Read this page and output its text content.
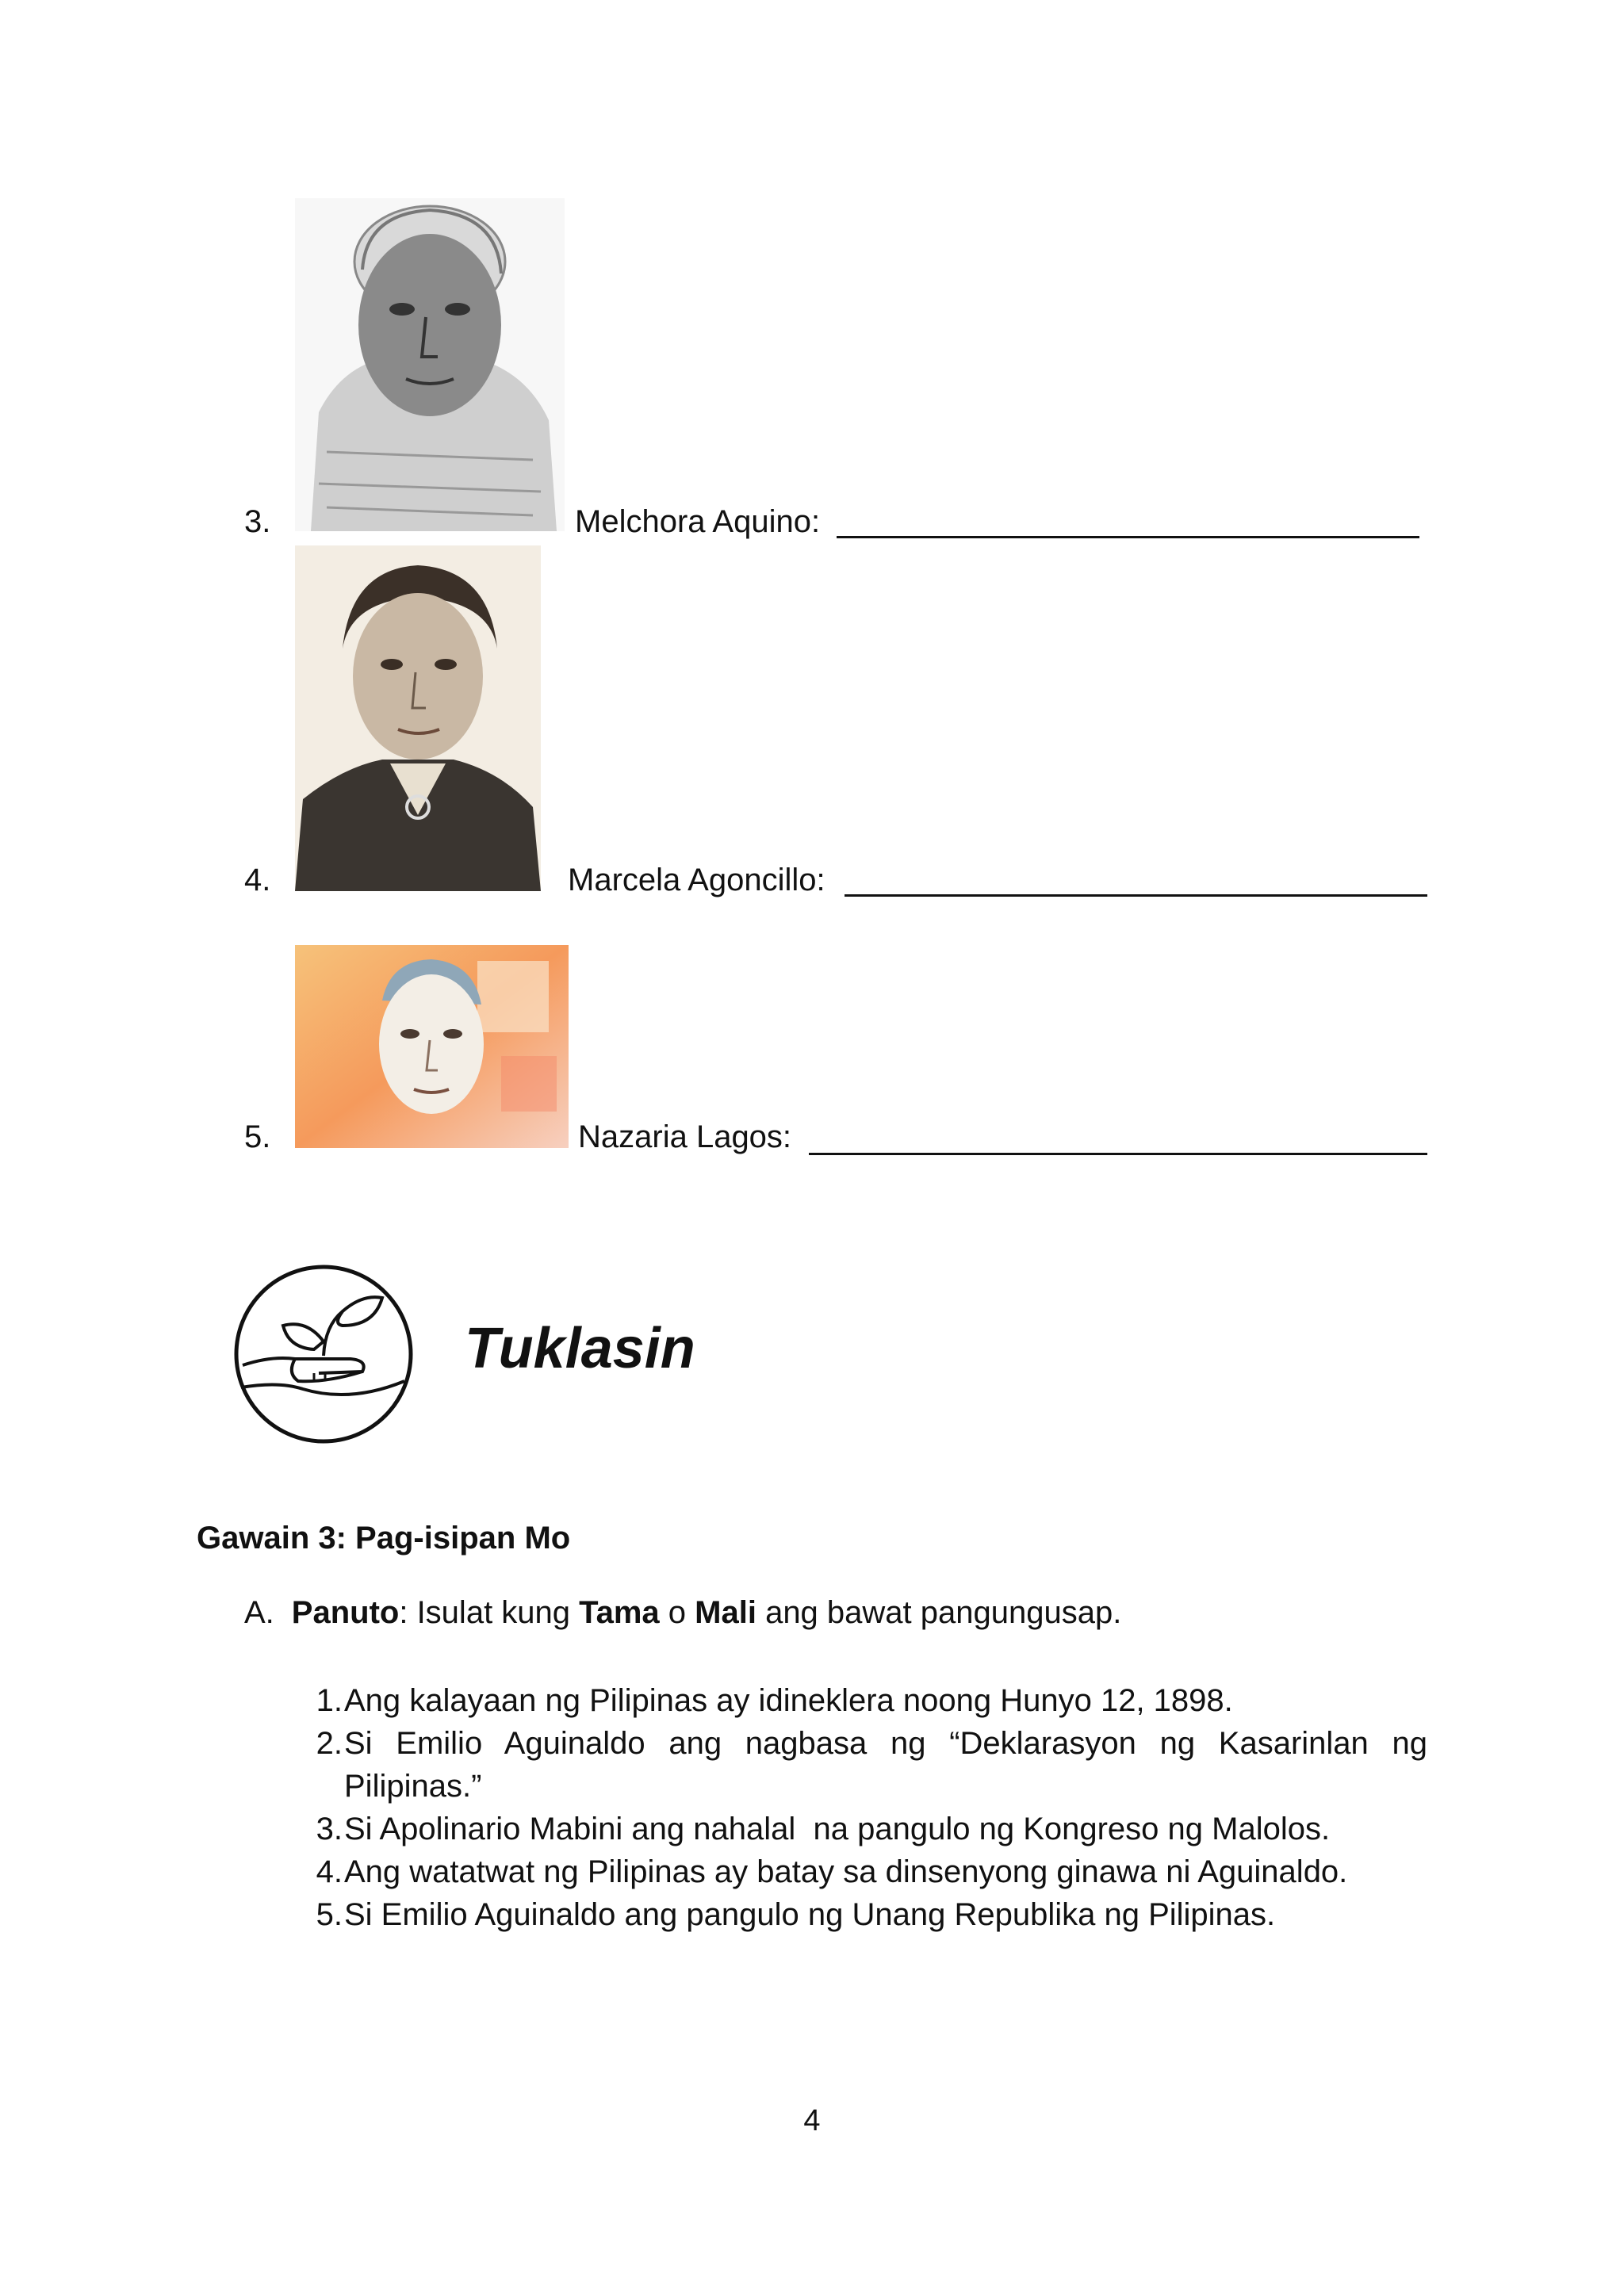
3.	Melchora Aquino:
4.	Marcela Agoncillo:
5.	Nazaria Lagos:
Tuklasin
Gawain 3: Pag-isipan Mo
A. Panuto: Isulat kung Tama o Mali ang bawat pangungusap.
1. Ang kalayaan ng Pilipinas ay idineklera noong Hunyo 12, 1898.
2. Si Emilio Aguinaldo ang nagbasa ng “Deklarasyon ng Kasarinlan ng
Pilipinas.”
3. Si Apolinario Mabini ang nahalal  na pangulo ng Kongreso ng Malolos.
4. Ang watatwat ng Pilipinas ay batay sa dinsenyong ginawa ni Aguinaldo.
5. Si Emilio Aguinaldo ang pangulo ng Unang Republika ng Pilipinas.
4
